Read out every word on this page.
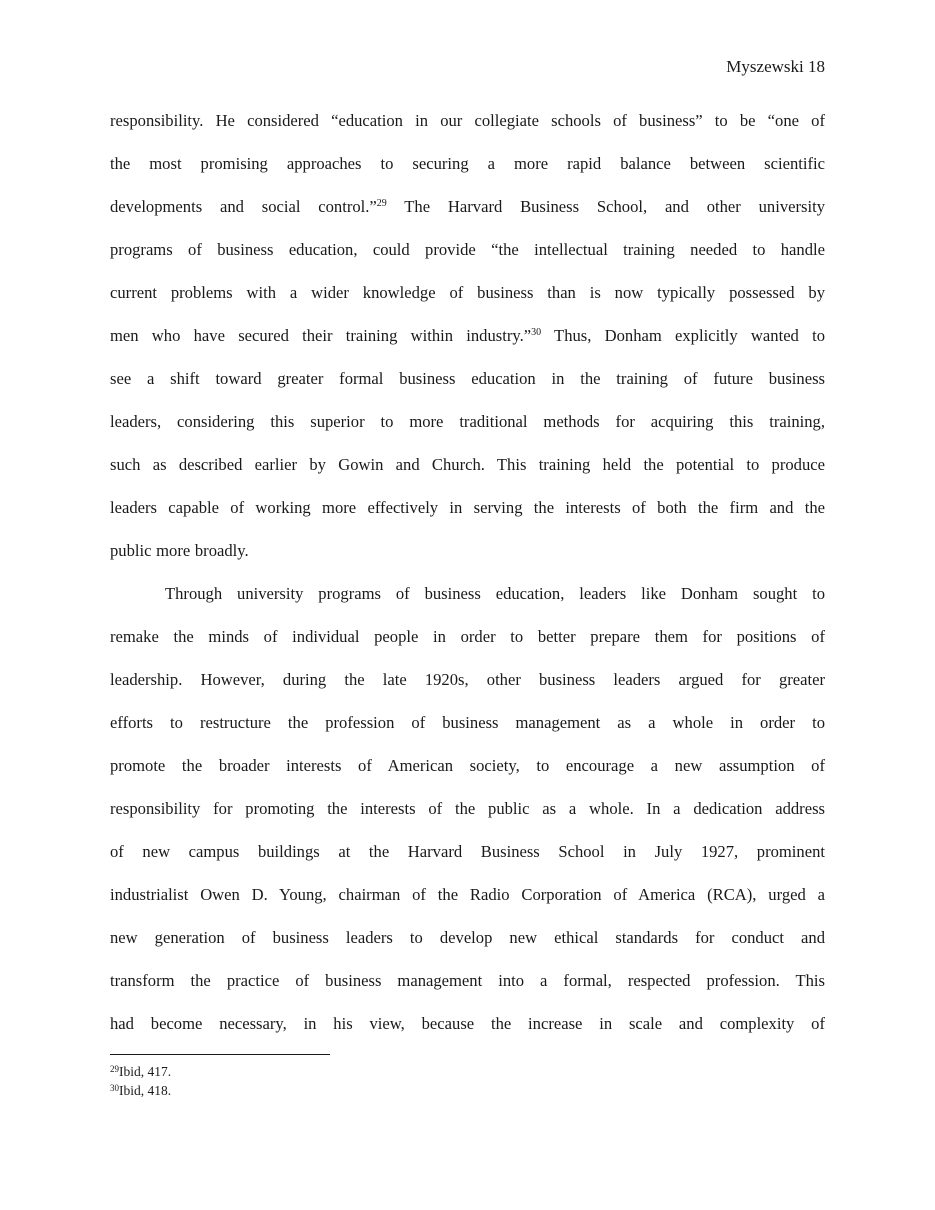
Myszewski 18
responsibility. He considered “education in our collegiate schools of business” to be “one of
the most promising approaches to securing a more rapid balance between scientific
developments and social control.”$^{29}$ The Harvard Business School, and other university
programs of business education, could provide “the intellectual training needed to handle
current problems with a wider knowledge of business than is now typically possessed by
men who have secured their training within industry.”$^{30}$ Thus, Donham explicitly wanted to
see a shift toward greater formal business education in the training of future business
leaders, considering this superior to more traditional methods for acquiring this training,
such as described earlier by Gowin and Church. This training held the potential to produce
leaders capable of working more effectively in serving the interests of both the firm and the
public more broadly.
Through university programs of business education, leaders like Donham sought to
remake the minds of individual people in order to better prepare them for positions of
leadership. However, during the late 1920s, other business leaders argued for greater
efforts to restructure the profession of business management as a whole in order to
promote the broader interests of American society, to encourage a new assumption of
responsibility for promoting the interests of the public as a whole. In a dedication address
of new campus buildings at the Harvard Business School in July 1927, prominent
industrialist Owen D. Young, chairman of the Radio Corporation of America (RCA), urged a
new generation of business leaders to develop new ethical standards for conduct and
transform the practice of business management into a formal, respected profession. This
had become necessary, in his view, because the increase in scale and complexity of
$^{29}$Ibid, 417.
$^{30}$Ibid, 418.
